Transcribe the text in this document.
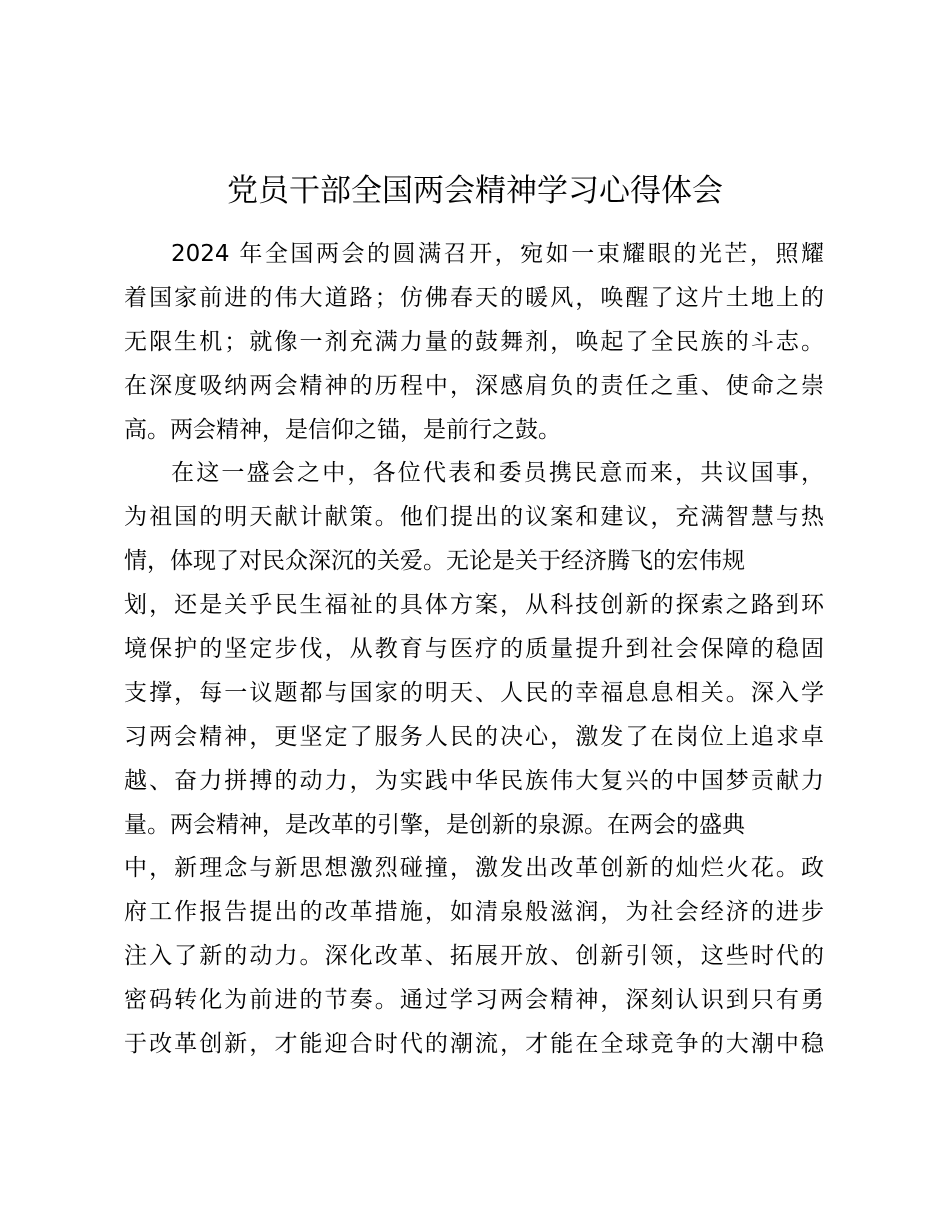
党员干部全国两会精神学习心得体会
2024 年全国两会的圆满召开，宛如一束耀眼的光芒，照耀
着国家前进的伟大道路；仿佛春天的暖风，唤醒了这片土地上的
无限生机；就像一剂充满力量的鼓舞剂，唤起了全民族的斗志。
在深度吸纳两会精神的历程中，深感肩负的责任之重、使命之崇
高。两会精神，是信仰之锚，是前行之鼓。
在这一盛会之中，各位代表和委员携民意而来，共议国事，
为祖国的明天献计献策。他们提出的议案和建议，充满智慧与热
情，体现了对民众深沉的关爱。无论是关于经济腾飞的宏伟规
划，还是关乎民生福祉的具体方案，从科技创新的探索之路到环
境保护的坚定步伐，从教育与医疗的质量提升到社会保障的稳固
支撑，每一议题都与国家的明天、人民的幸福息息相关。深入学
习两会精神，更坚定了服务人民的决心，激发了在岗位上追求卓
越、奋力拼搏的动力，为实践中华民族伟大复兴的中国梦贡献力
量。两会精神，是改革的引擎，是创新的泉源。在两会的盛典
中，新理念与新思想激烈碰撞，激发出改革创新的灿烂火花。政
府工作报告提出的改革措施，如清泉般滋润，为社会经济的进步
注入了新的动力。深化改革、拓展开放、创新引领，这些时代的
密码转化为前进的节奏。通过学习两会精神，深刻认识到只有勇
于改革创新，才能迎合时代的潮流，才能在全球竞争的大潮中稳
